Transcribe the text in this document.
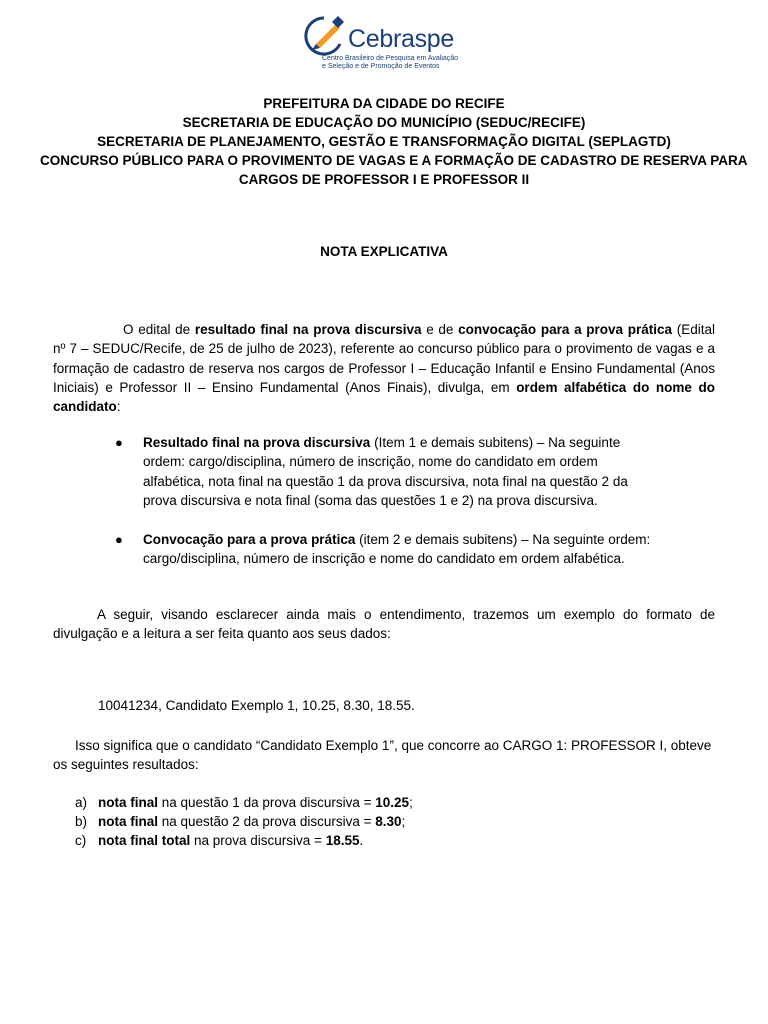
Cebraspe
Centro Brasileiro de Pesquisa em Avaliação
e Seleção e de Promoção de Eventos
PREFEITURA DA CIDADE DO RECIFE
SECRETARIA DE EDUCAÇÃO DO MUNICÍPIO (SEDUC/RECIFE)
SECRETARIA DE PLANEJAMENTO, GESTÃO E TRANSFORMAÇÃO DIGITAL (SEPLAGTD)
CONCURSO PÚBLICO PARA O PROVIMENTO DE VAGAS E A FORMAÇÃO DE CADASTRO DE RESERVA PARA
CARGOS DE PROFESSOR I E PROFESSOR II
NOTA EXPLICATIVA
O edital de resultado final na prova discursiva e de convocação para a prova prática (Edital nº 7 – SEDUC/Recife, de 25 de julho de 2023), referente ao concurso público para o provimento de vagas e a formação de cadastro de reserva nos cargos de Professor I – Educação Infantil e Ensino Fundamental (Anos Iniciais) e Professor II – Ensino Fundamental (Anos Finais), divulga, em ordem alfabética do nome do candidato:
● Resultado final na prova discursiva (Item 1 e demais subitens) – Na seguinte ordem: cargo/disciplina, número de inscrição, nome do candidato em ordem alfabética, nota final na questão 1 da prova discursiva, nota final na questão 2 da prova discursiva e nota final (soma das questões 1 e 2) na prova discursiva.
● Convocação para a prova prática (item 2 e demais subitens) – Na seguinte ordem: cargo/disciplina, número de inscrição e nome do candidato em ordem alfabética.
A seguir, visando esclarecer ainda mais o entendimento, trazemos um exemplo do formato de divulgação e a leitura a ser feita quanto aos seus dados:
10041234, Candidato Exemplo 1, 10.25, 8.30, 18.55.
Isso significa que o candidato “Candidato Exemplo 1”, que concorre ao CARGO 1: PROFESSOR I, obteve os seguintes resultados:
a) nota final na questão 1 da prova discursiva = 10.25;
b) nota final na questão 2 da prova discursiva = 8.30;
c) nota final total na prova discursiva = 18.55.
